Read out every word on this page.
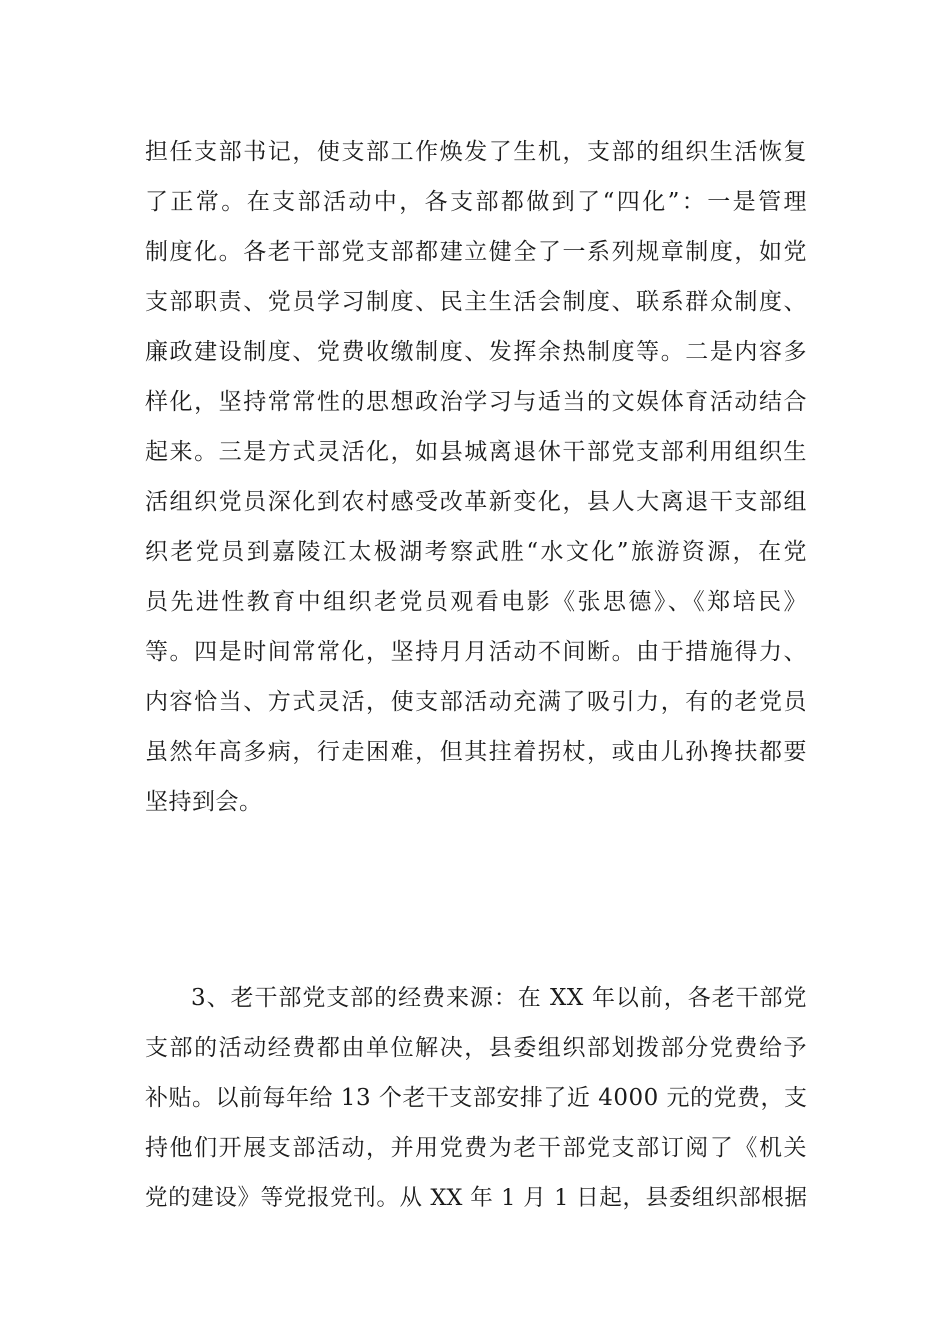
担任支部书记，使支部工作焕发了生机，支部的组织生活恢复
了正常。在支部活动中，各支部都做到了“四化”：一是管理
制度化。各老干部党支部都建立健全了一系列规章制度，如党
支部职责、党员学习制度、民主生活会制度、联系群众制度、
廉政建设制度、党费收缴制度、发挥余热制度等。二是内容多
样化，坚持常常性的思想政治学习与适当的文娱体育活动结合
起来。三是方式灵活化，如县城离退休干部党支部利用组织生
活组织党员深化到农村感受改革新变化，县人大离退干支部组
织老党员到嘉陵江太极湖考察武胜“水文化”旅游资源，在党
员先进性教育中组织老党员观看电影《张思德》、《郑培民》
等。四是时间常常化，坚持月月活动不间断。由于措施得力、
内容恰当、方式灵活，使支部活动充满了吸引力，有的老党员
虽然年高多病，行走困难，但其拄着拐杖，或由儿孙搀扶都要
坚持到会。
3、老干部党支部的经费来源：在 XX 年以前，各老干部党
支部的活动经费都由单位解决，县委组织部划拨部分党费给予
补贴。以前每年给 13 个老干支部安排了近 4000 元的党费，支
持他们开展支部活动，并用党费为老干部党支部订阅了《机关
党的建设》等党报党刊。从 XX 年 1 月 1 日起，县委组织部根据
